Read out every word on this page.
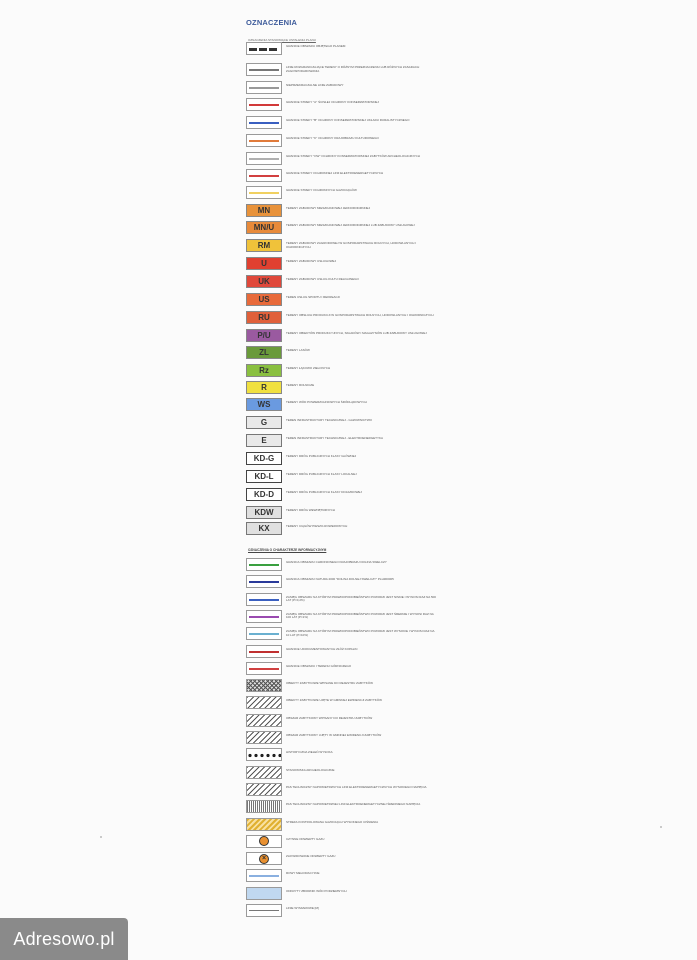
OZNACZENIA
OZNACZENIA STANOWIĄCE USTALENIA PLANU
GRANICE OBSZARU OBJĘTEGO PLANEM
LINIE ROZGRANICZAJĄCE TERENY O RÓŻNYM PRZEZNACZENIU LUB RÓŻNYCH ZASADACH ZAGOSPODAROWANIA
NIEPRZEKRACZALNE LINIE ZABUDOWY
GRANICE STREFY "A" ŚCISŁEJ OCHRONY KONSERWATORSKIEJ
GRANICE STREFY "B" OCHRONY KONSERWATORSKIEJ UKŁADU RURALISTYCZNEGO
GRANICE STREFY "K" OCHRONY KRAJOBRAZU KULTUROWEGO
GRANICE STREFY "OW" OCHRONY KONSERWATORSKIEJ ZABYTKÓW ARCHEOLOGICZNYCH
GRANICE STREFY OCHRONNEJ LINII ELEKTROENERGETYCZNYCH
GRANICE STREFY OCHRONNYCH GAZOCIĄGÓW
MN	TERENY ZABUDOWY MIESZKANIOWEJ JEDNORODZINNEJ
MN/U	TERENY ZABUDOWY MIESZKANIOWEJ JEDNORODZINNEJ LUB ZABUDOWY USŁUGOWEJ
RM	TERENY ZABUDOWY ZAGRODOWEJ W GOSPODARSTWACH ROLNYCH, HODOWLANYCH I OGRODNICZYCH
U	TERENY ZABUDOWY USŁUGOWEJ
UK	TERENY ZABUDOWY USŁUG KULTU RELIGIJNEGO
US	TEREN USŁUG SPORTU I REKREACJI
RU	TERENY OBSŁUGI PRODUKCJI W GOSPODARSTWACH ROLNYCH, HODOWLANYCH I OGRODNICZYCH
P/U	TERENY OBIEKTÓW PRODUKCYJNYCH, SKŁADÓW I MAGAZYNÓW LUB ZABUDOWY USŁUGOWEJ
ZL	TERENY LASÓW
Rz	TERENY ŁĄKOWO ZIELONYCH
R	TERENY ROLNICZE
WS	TERENY WÓD POWIERZCHNIOWYCH ŚRÓDLĄDOWYCH
G	TEREN INFRASTRUKTURY TECHNICZNEJ - GAZOWNICTWO
E	TEREN INFRASTRUKTURY TECHNICZNEJ - ELEKTROENERGETYKA
KD-G	TERENY DRÓG PUBLICZNYCH KLASY GŁÓWNEJ
KD-L	TERENY DRÓG PUBLICZNYCH KLASY LOKALNEJ
KD-D	TERENY DRÓG PUBLICZNYCH KLASY DOJAZDOWEJ
KDW	TERENY DRÓG WEWNĘTRZNYCH
KX	TERENY CIĄGÓW PIESZO-ROWEROWYCH
OZNACZENIA O CHARAKTERZE INFORMACYJNYM
GRANICA OBSZARU CHRONIONEGO KRAJOBRAZU DOLINA SWELCZY
GRANICA OBSZARU NATURA 2000 "DOLINA DOLNEJ SWELCZY" PLH300005
ZASIĘG OBSZARU NA KTÓRYM PRAWDOPODOBIEŃSTWO POWODZI JEST NISKIE I WYNOSI RAZ NA 500 LAT (P=0,2%)
ZASIĘG OBSZARU NA KTÓRYM PRAWDOPODOBIEŃSTWO POWODZI JEST ŚREDNIE I WYNOSI RAZ NA 100 LAT (P=1%)
ZASIĘG OBSZARU NA KTÓRYM PRAWDOPODOBIEŃSTWO POWODZI JEST WYSOKIE I WYNOSI RAZ NA 10 LAT (P=10%)
GRANICE UDOKUMENTOWANYCH ZŁÓŻ KOPALIN
GRANICE OBSZARU I TERENU GÓRNICZEGO
OBIEKTY ZABYTKOWE WPISANE DO REJESTRU ZABYTKÓW
OBIEKTY ZABYTKOWE UJĘTE W GMINNEJ EWIDENCJI ZABYTKÓW
OBSZAR ZABYTKOWY WPISANY DO REJESTRU ZABYTKÓW
OBSZAR ZABYTKOWY UJĘTY W GMINNEJ EWIDENCJI ZABYTKÓW
HISTORYCZNA ZIELEŃ WYSOKA
STANOWISKA ARCHEOLOGICZNE
PAS TECHNICZNY NAPOWIETRZNYCH LINII ELEKTROENERGETYCZNYCH WYSOKIEGO NAPIĘCIA
PAS TECHNICZNY NAPOWIETRZNEJ LINII ELEKTROENERGETYCZNEJ ŚREDNIEGO NAPIĘCIA
STREFA KONTROLOWANA GAZOCIĄGU WYSOKIEGO CIŚNIENIA
CZYNNE ODWIERTY GAZU
×	ZLIKWIDOWANE ODWIERTY GAZU
ROWY MELIORACYJNE
ODKRYTY ZBIORNIK WÓD PODZIEMNYCH
LINIE WYMIAROWE [M]
Adresowo.pl
